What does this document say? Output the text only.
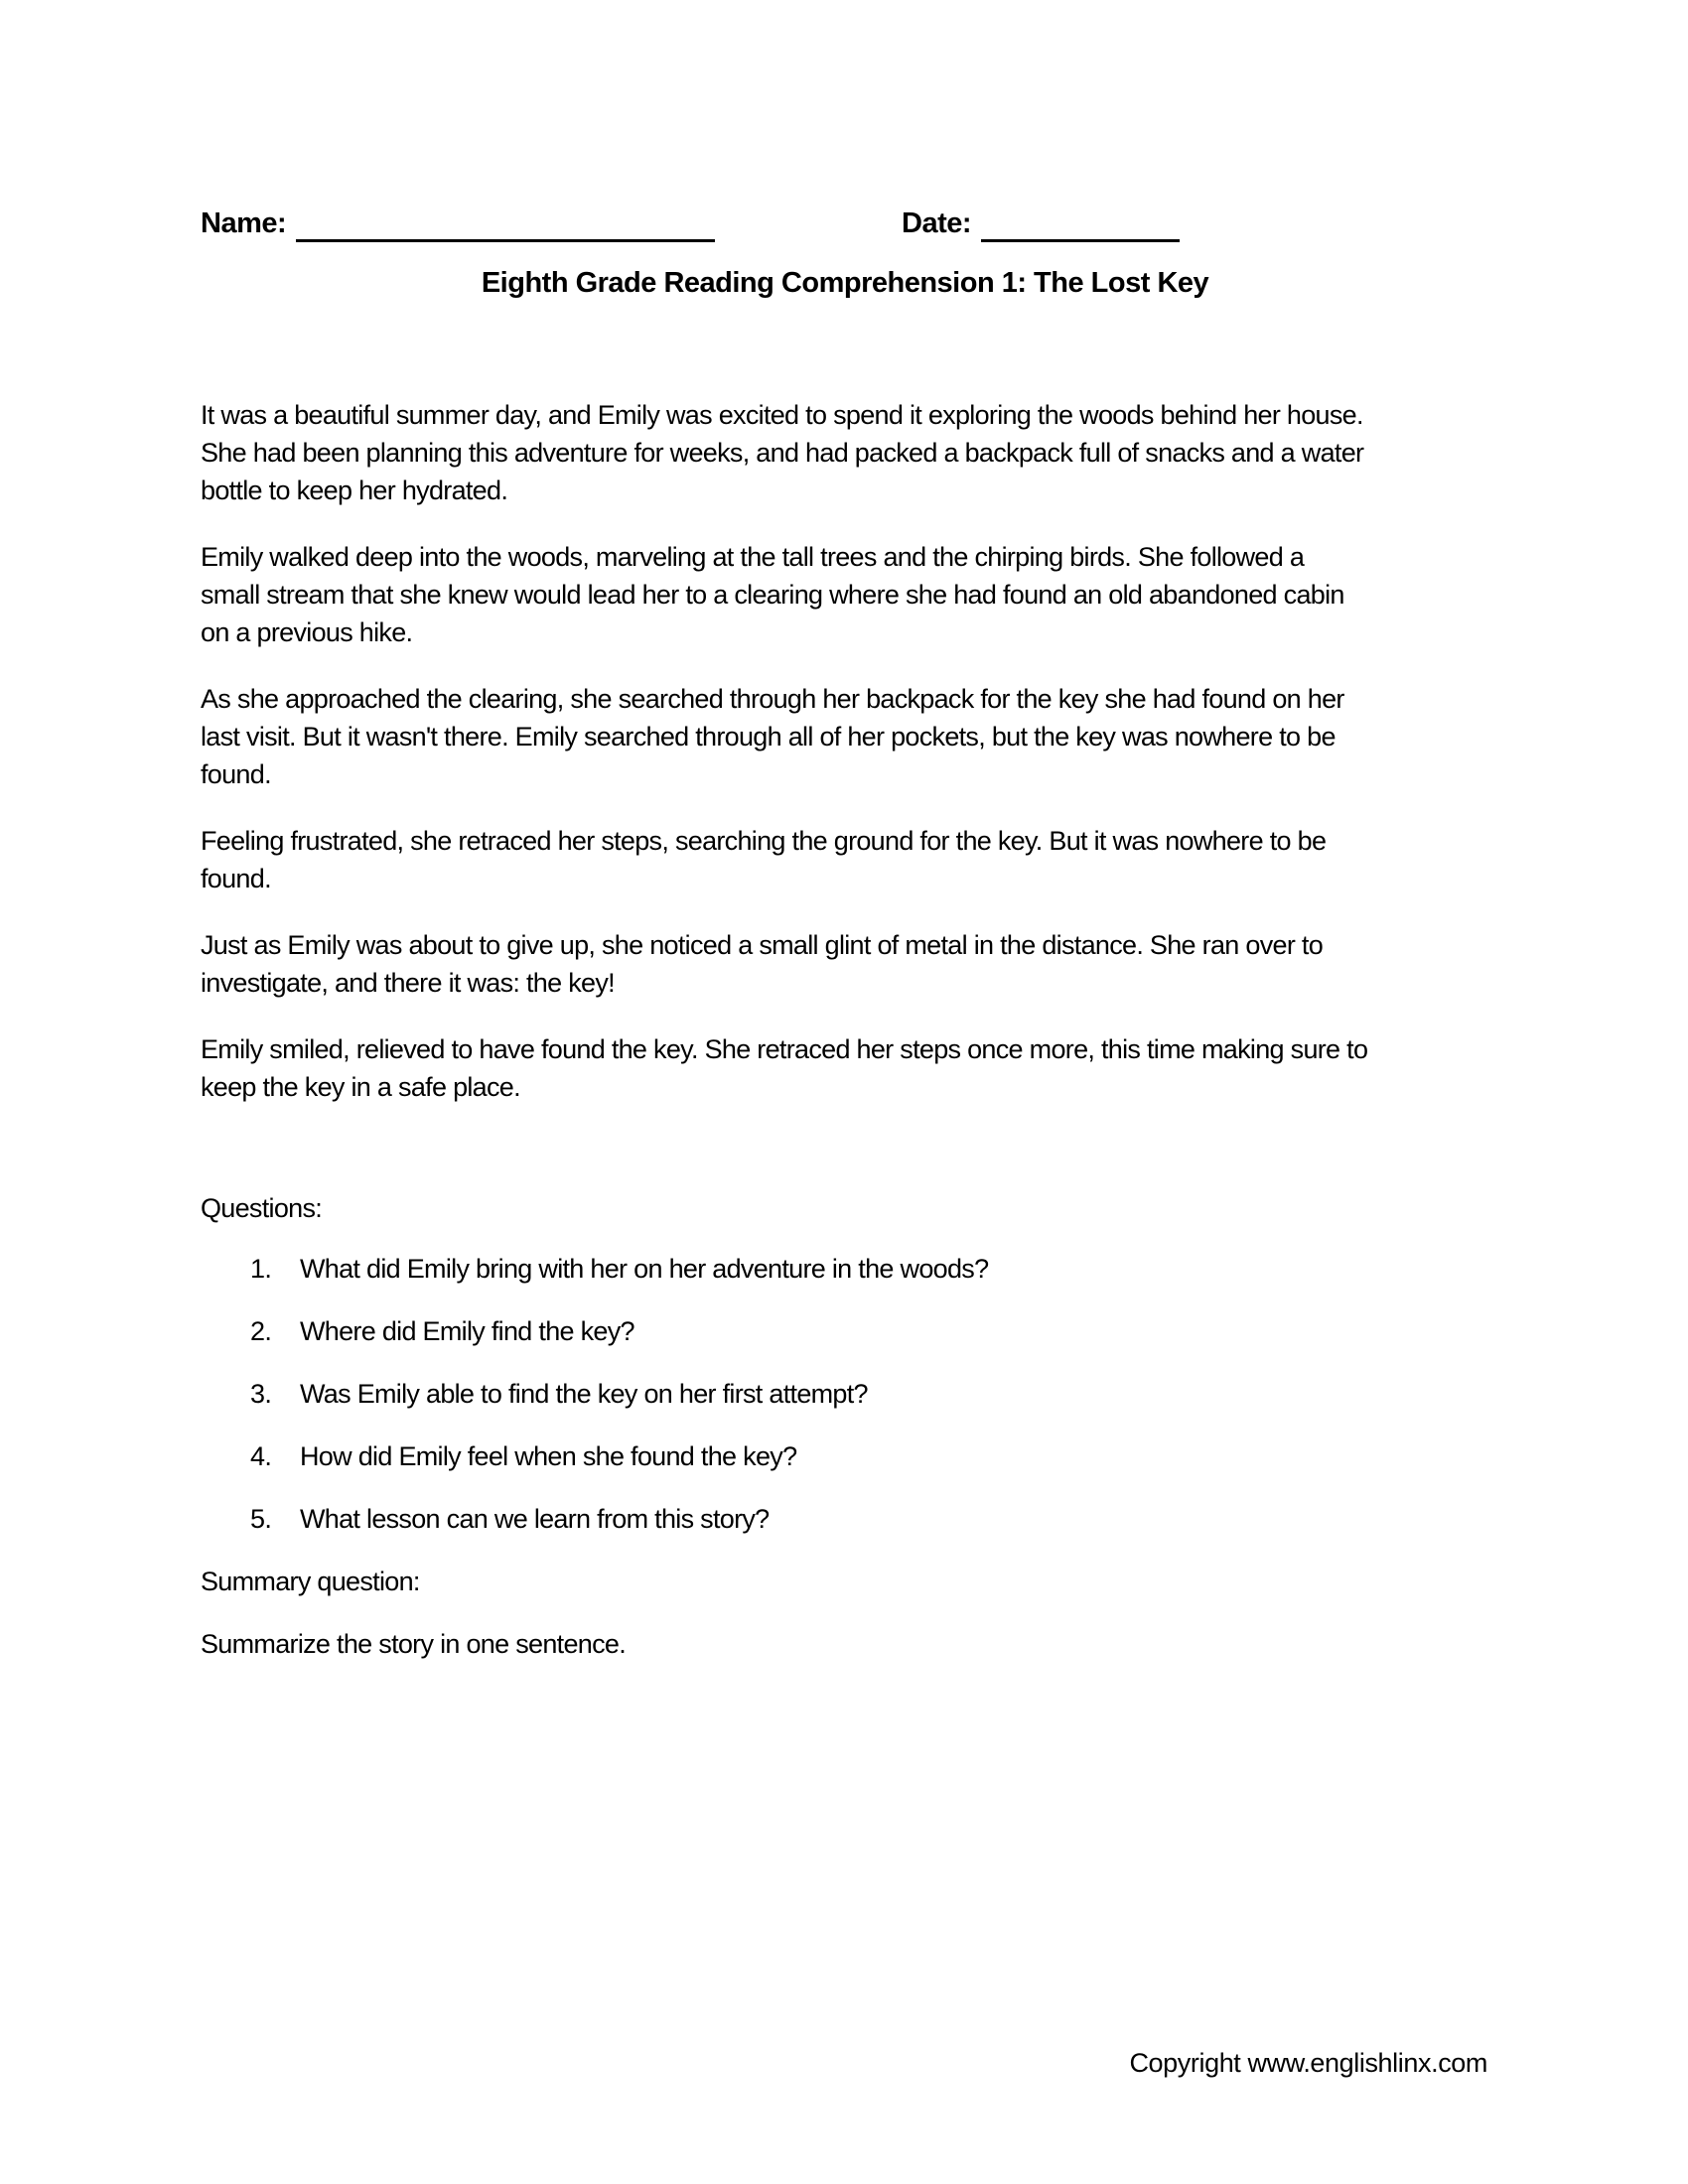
Name:	Date:
Eighth Grade Reading Comprehension 1: The Lost Key

It was a beautiful summer day, and Emily was excited to spend it exploring the woods behind her house.
She had been planning this adventure for weeks, and had packed a backpack full of snacks and a water
bottle to keep her hydrated.

Emily walked deep into the woods, marveling at the tall trees and the chirping birds. She followed a
small stream that she knew would lead her to a clearing where she had found an old abandoned cabin
on a previous hike.

As she approached the clearing, she searched through her backpack for the key she had found on her
last visit. But it wasn't there. Emily searched through all of her pockets, but the key was nowhere to be
found.

Feeling frustrated, she retraced her steps, searching the ground for the key. But it was nowhere to be
found.

Just as Emily was about to give up, she noticed a small glint of metal in the distance. She ran over to
investigate, and there it was: the key!

Emily smiled, relieved to have found the key. She retraced her steps once more, this time making sure to
keep the key in a safe place.

Questions:
1.	What did Emily bring with her on her adventure in the woods?
2.	Where did Emily find the key?
3.	Was Emily able to find the key on her first attempt?
4.	How did Emily feel when she found the key?
5.	What lesson can we learn from this story?
Summary question:
Summarize the story in one sentence.
Copyright www.englishlinx.com
